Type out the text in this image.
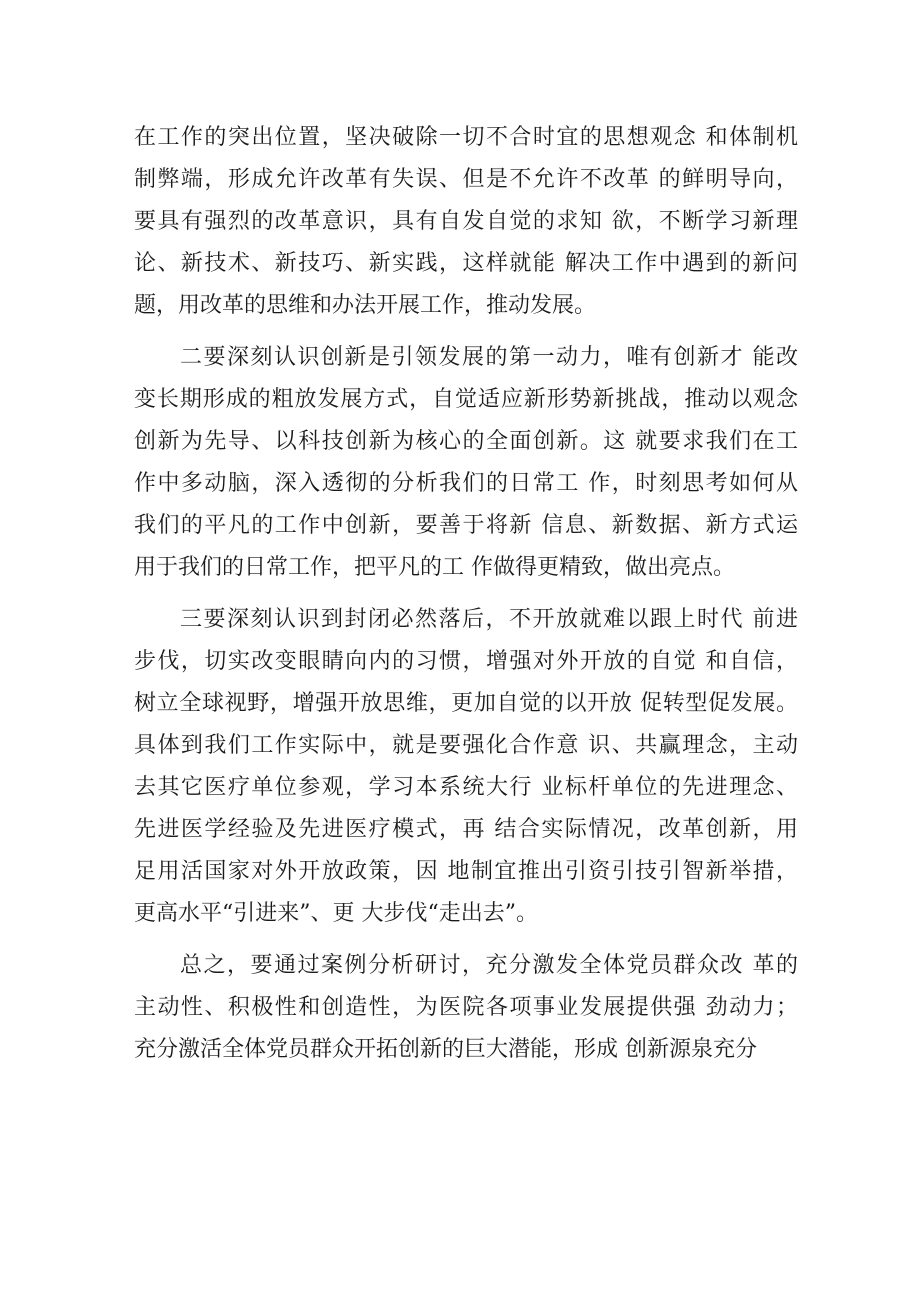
在工作的突出位置，坚决破除一切不合时宜的思想观念 和体制机
制弊端，形成允许改革有失误、但是不允许不改革 的鲜明导向，
要具有强烈的改革意识，具有自发自觉的求知 欲，不断学习新理
论、新技术、新技巧、新实践，这样就能 解决工作中遇到的新问
题，用改革的思维和办法开展工作，推动发展。
二要深刻认识创新是引领发展的第一动力，唯有创新才 能改
变长期形成的粗放发展方式，自觉适应新形势新挑战，推动以观念
创新为先导、以科技创新为核心的全面创新。这 就要求我们在工
作中多动脑，深入透彻的分析我们的日常工 作，时刻思考如何从
我们的平凡的工作中创新，要善于将新 信息、新数据、新方式运
用于我们的日常工作，把平凡的工 作做得更精致，做出亮点。
三要深刻认识到封闭必然落后，不开放就难以跟上时代 前进
步伐，切实改变眼睛向内的习惯，增强对外开放的自觉 和自信，
树立全球视野，增强开放思维，更加自觉的以开放 促转型促发展。
具体到我们工作实际中，就是要强化合作意 识、共赢理念，主动
去其它医疗单位参观，学习本系统大行 业标杆单位的先进理念、
先进医学经验及先进医疗模式，再 结合实际情况，改革创新，用
足用活国家对外开放政策，因 地制宜推出引资引技引智新举措，
更高水平“引进来”、更 大步伐“走出去”。
总之，要通过案例分析研讨，充分激发全体党员群众改 革的
主动性、积极性和创造性，为医院各项事业发展提供强 劲动力；
充分激活全体党员群众开拓创新的巨大潜能，形成 创新源泉充分
